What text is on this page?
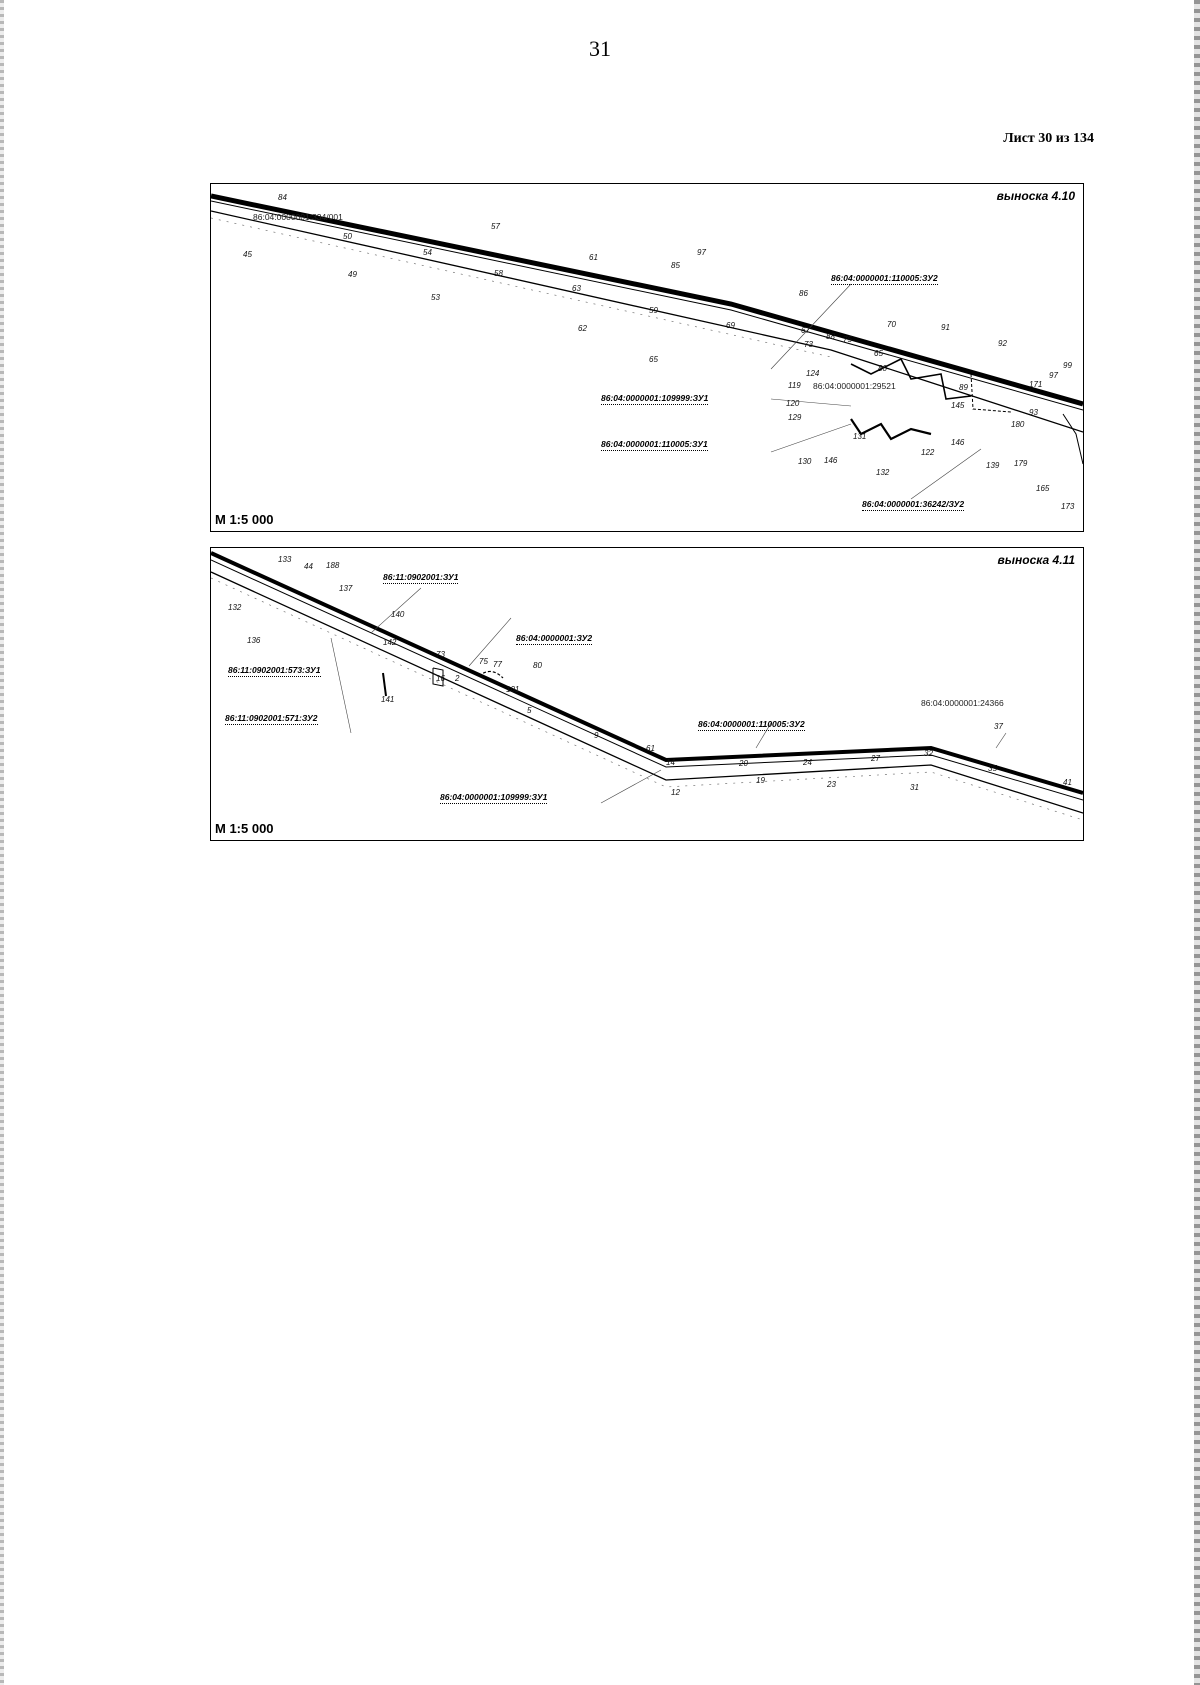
31
Лист 30 из 134
выноска 4.10
М 1:5 000
86:04:0000001:110005:ЗУ2
86:04:0000001:109999:ЗУ1
86:04:0000001:110005:ЗУ1
86:04:0000001:36242/ЗУ2
86:04:0000001:334/001
86:04:0000001:29521
84
45
50
49
54
57
53
58
61
63
62
85
97
59
65
69
86
67
73
88 75
70
80
91
65
124
119
120
129
92
99
97
171
93
180
131
146
130
132
122
146
139 179
165
173
89
145
выноска 4.11
М 1:5 000
86:11:0902001:ЗУ1
86:04:0000001:ЗУ2
86:11:0902001:573:ЗУ1
86:11:0902001:571:ЗУ2
86:04:0000001:110005:ЗУ2
86:04:0000001:109999:ЗУ1
86:04:0000001:24366
133
44 188
137
132
136
140
142
141
73
75 77	80
16 2
101
5
9
61
14
12
20
19
24
23
27
31
32
37
35
41
